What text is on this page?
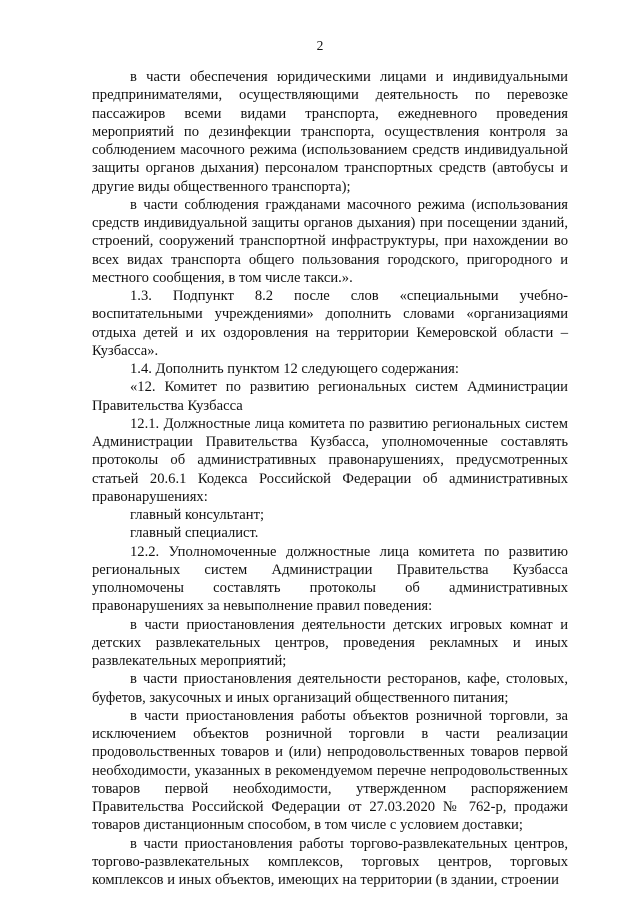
2

в части обеспечения юридическими лицами и индивидуальными предпринимателями, осуществляющими деятельность по перевозке пассажиров всеми видами транспорта, ежедневного проведения мероприятий по дезинфекции транспорта, осуществления контроля за соблюдением масочного режима (использованием средств индивидуальной защиты органов дыхания) персоналом транспортных средств (автобусы и другие виды общественного транспорта);

в части соблюдения гражданами масочного режима (использования средств индивидуальной защиты органов дыхания) при посещении зданий, строений, сооружений транспортной инфраструктуры, при нахождении во всех видах транспорта общего пользования городского, пригородного и местного сообщения, в том числе такси.».

1.3. Подпункт 8.2 после слов «специальными учебно-воспитательными учреждениями» дополнить словами «организациями отдыха детей и их оздоровления на территории Кемеровской области – Кузбасса».

1.4. Дополнить пунктом 12 следующего содержания:

«12. Комитет по развитию региональных систем Администрации Правительства Кузбасса

12.1. Должностные лица комитета по развитию региональных систем Администрации Правительства Кузбасса, уполномоченные составлять протоколы об административных правонарушениях, предусмотренных статьей 20.6.1 Кодекса Российской Федерации об административных правонарушениях:

главный консультант;

главный специалист.

12.2. Уполномоченные должностные лица комитета по развитию региональных систем Администрации Правительства Кузбасса уполномочены составлять протоколы об административных правонарушениях за невыполнение правил поведения:

в части приостановления деятельности детских игровых комнат и детских развлекательных центров, проведения рекламных и иных развлекательных мероприятий;

в части приостановления деятельности ресторанов, кафе, столовых, буфетов, закусочных и иных организаций общественного питания;

в части приостановления работы объектов розничной торговли, за исключением объектов розничной торговли в части реализации продовольственных товаров и (или) непродовольственных товаров первой необходимости, указанных в рекомендуемом перечне непродовольственных товаров первой необходимости, утвержденном распоряжением Правительства Российской Федерации от 27.03.2020 № 762-р, продажи товаров дистанционным способом, в том числе с условием доставки;

в части приостановления работы торгово-развлекательных центров, торгово-развлекательных комплексов, торговых центров, торговых комплексов и иных объектов, имеющих на территории (в здании, строении
